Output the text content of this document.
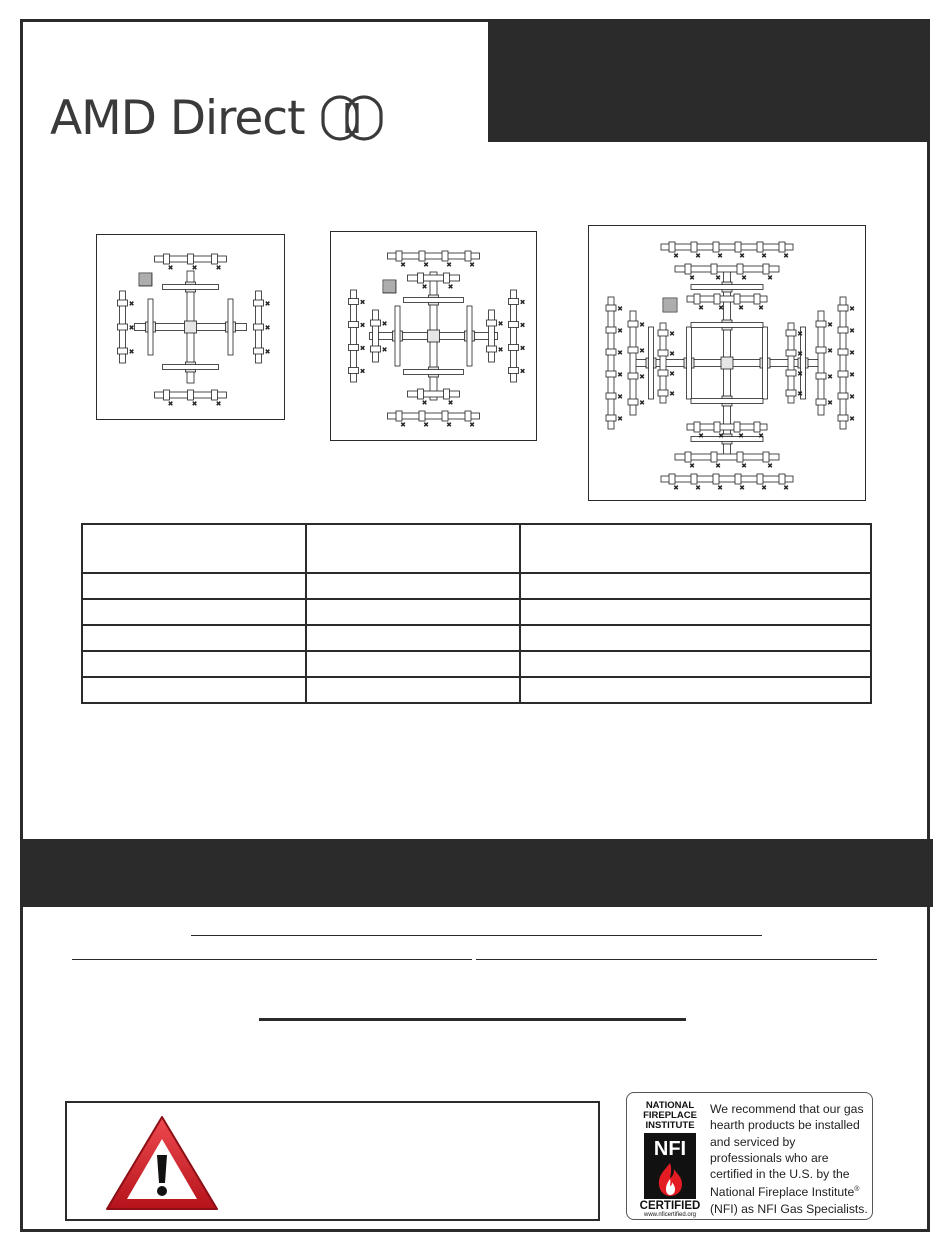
AMD Direct
✖	✖	✖
✖	✖	✖
✖
✖
✖
✖
✖
✖
✖	✖
✖	✖
✖
✖
✖
✖
✖ ✖ ✖ ✖
✖ ✖ ✖ ✖
✖
✖
✖
✖
✖
✖
✖
✖
✖ ✖ ✖ ✖
✖ ✖ ✖ ✖
✖
✖
✖
✖
✖
✖
✖
✖
✖	✖	✖	✖
✖	✖	✖	✖
✖
✖
✖
✖
✖
✖
✖
✖
✖ ✖ ✖ ✖ ✖ ✖
✖ ✖ ✖ ✖ ✖ ✖
✖
✖
✖
✖
✖
✖
✖
✖
✖
✖
✖
✖

NATIONAL
FIREPLACE
INSTITUTE
NFI
CERTIFIED
www.nficertified.org
We recommend that our gas hearth products be installed and serviced by professionals who are certified in the U.S. by the National Fireplace Institute® (NFI) as NFI Gas Specialists.
